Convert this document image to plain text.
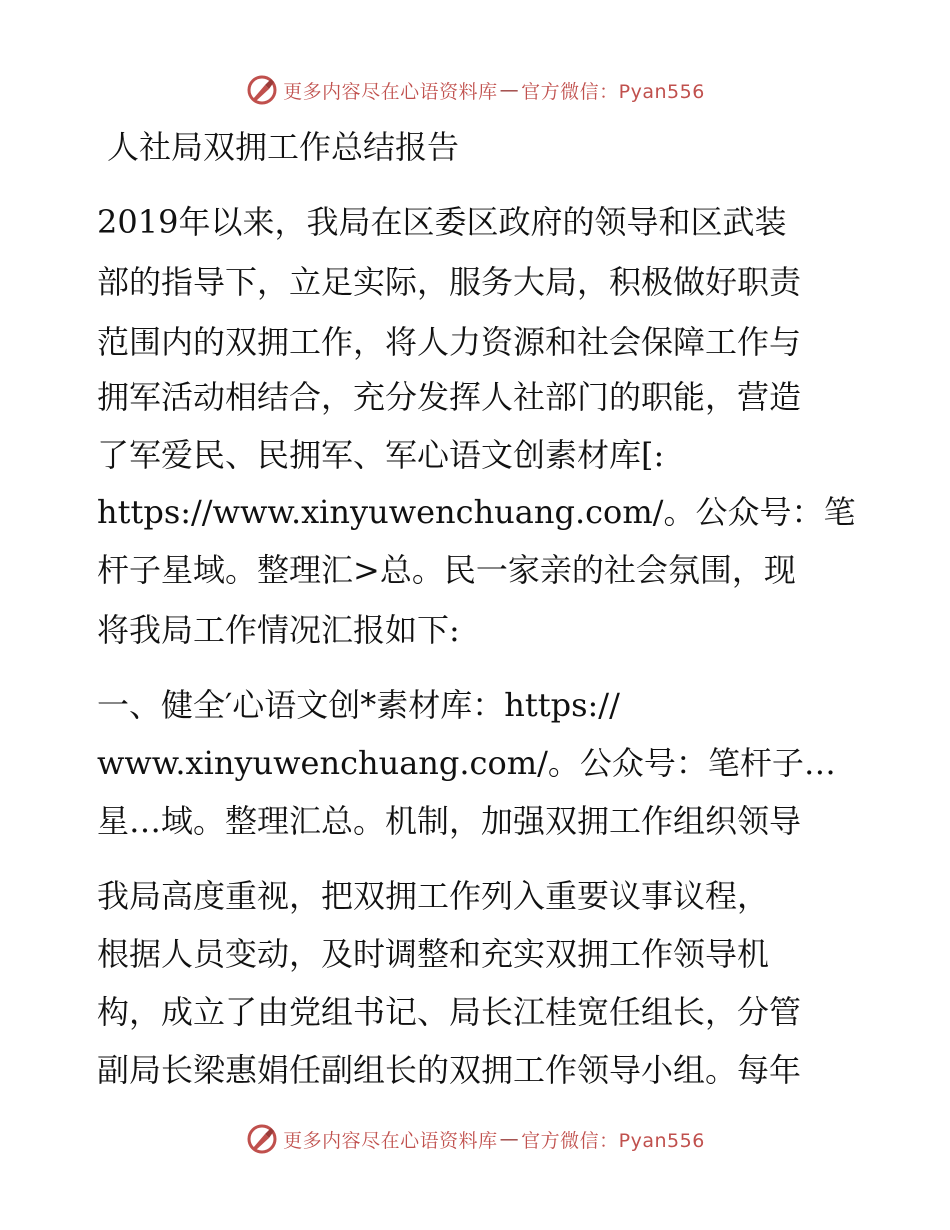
更多内容尽在心语资料库 — 官方微信：Pyan556
人社局双拥工作总结报告
2019年以来，我局在区委区政府的领导和区武装
部的指导下，立足实际，服务大局，积极做好职责
范围内的双拥工作，将人力资源和社会保障工作与
拥军活动相结合，充分发挥人社部门的职能，营造
了军爱民、民拥军、军心语文创素材库[:
https://www.xinyuwenchuang.com/。公众号：笔
杆子星域。整理汇>总。民一家亲的社会氛围，现
将我局工作情况汇报如下:
一、健全′心语文创*素材库：https://
www.xinyuwenchuang.com/。公众号：笔杆子…
星…域。整理汇总。机制，加强双拥工作组织领导
我局高度重视，把双拥工作列入重要议事议程，
根据人员变动，及时调整和充实双拥工作领导机
构，成立了由党组书记、局长江桂宽任组长，分管
副局长梁惠娟任副组长的双拥工作领导小组。每年
更多内容尽在心语资料库 — 官方微信：Pyan556
